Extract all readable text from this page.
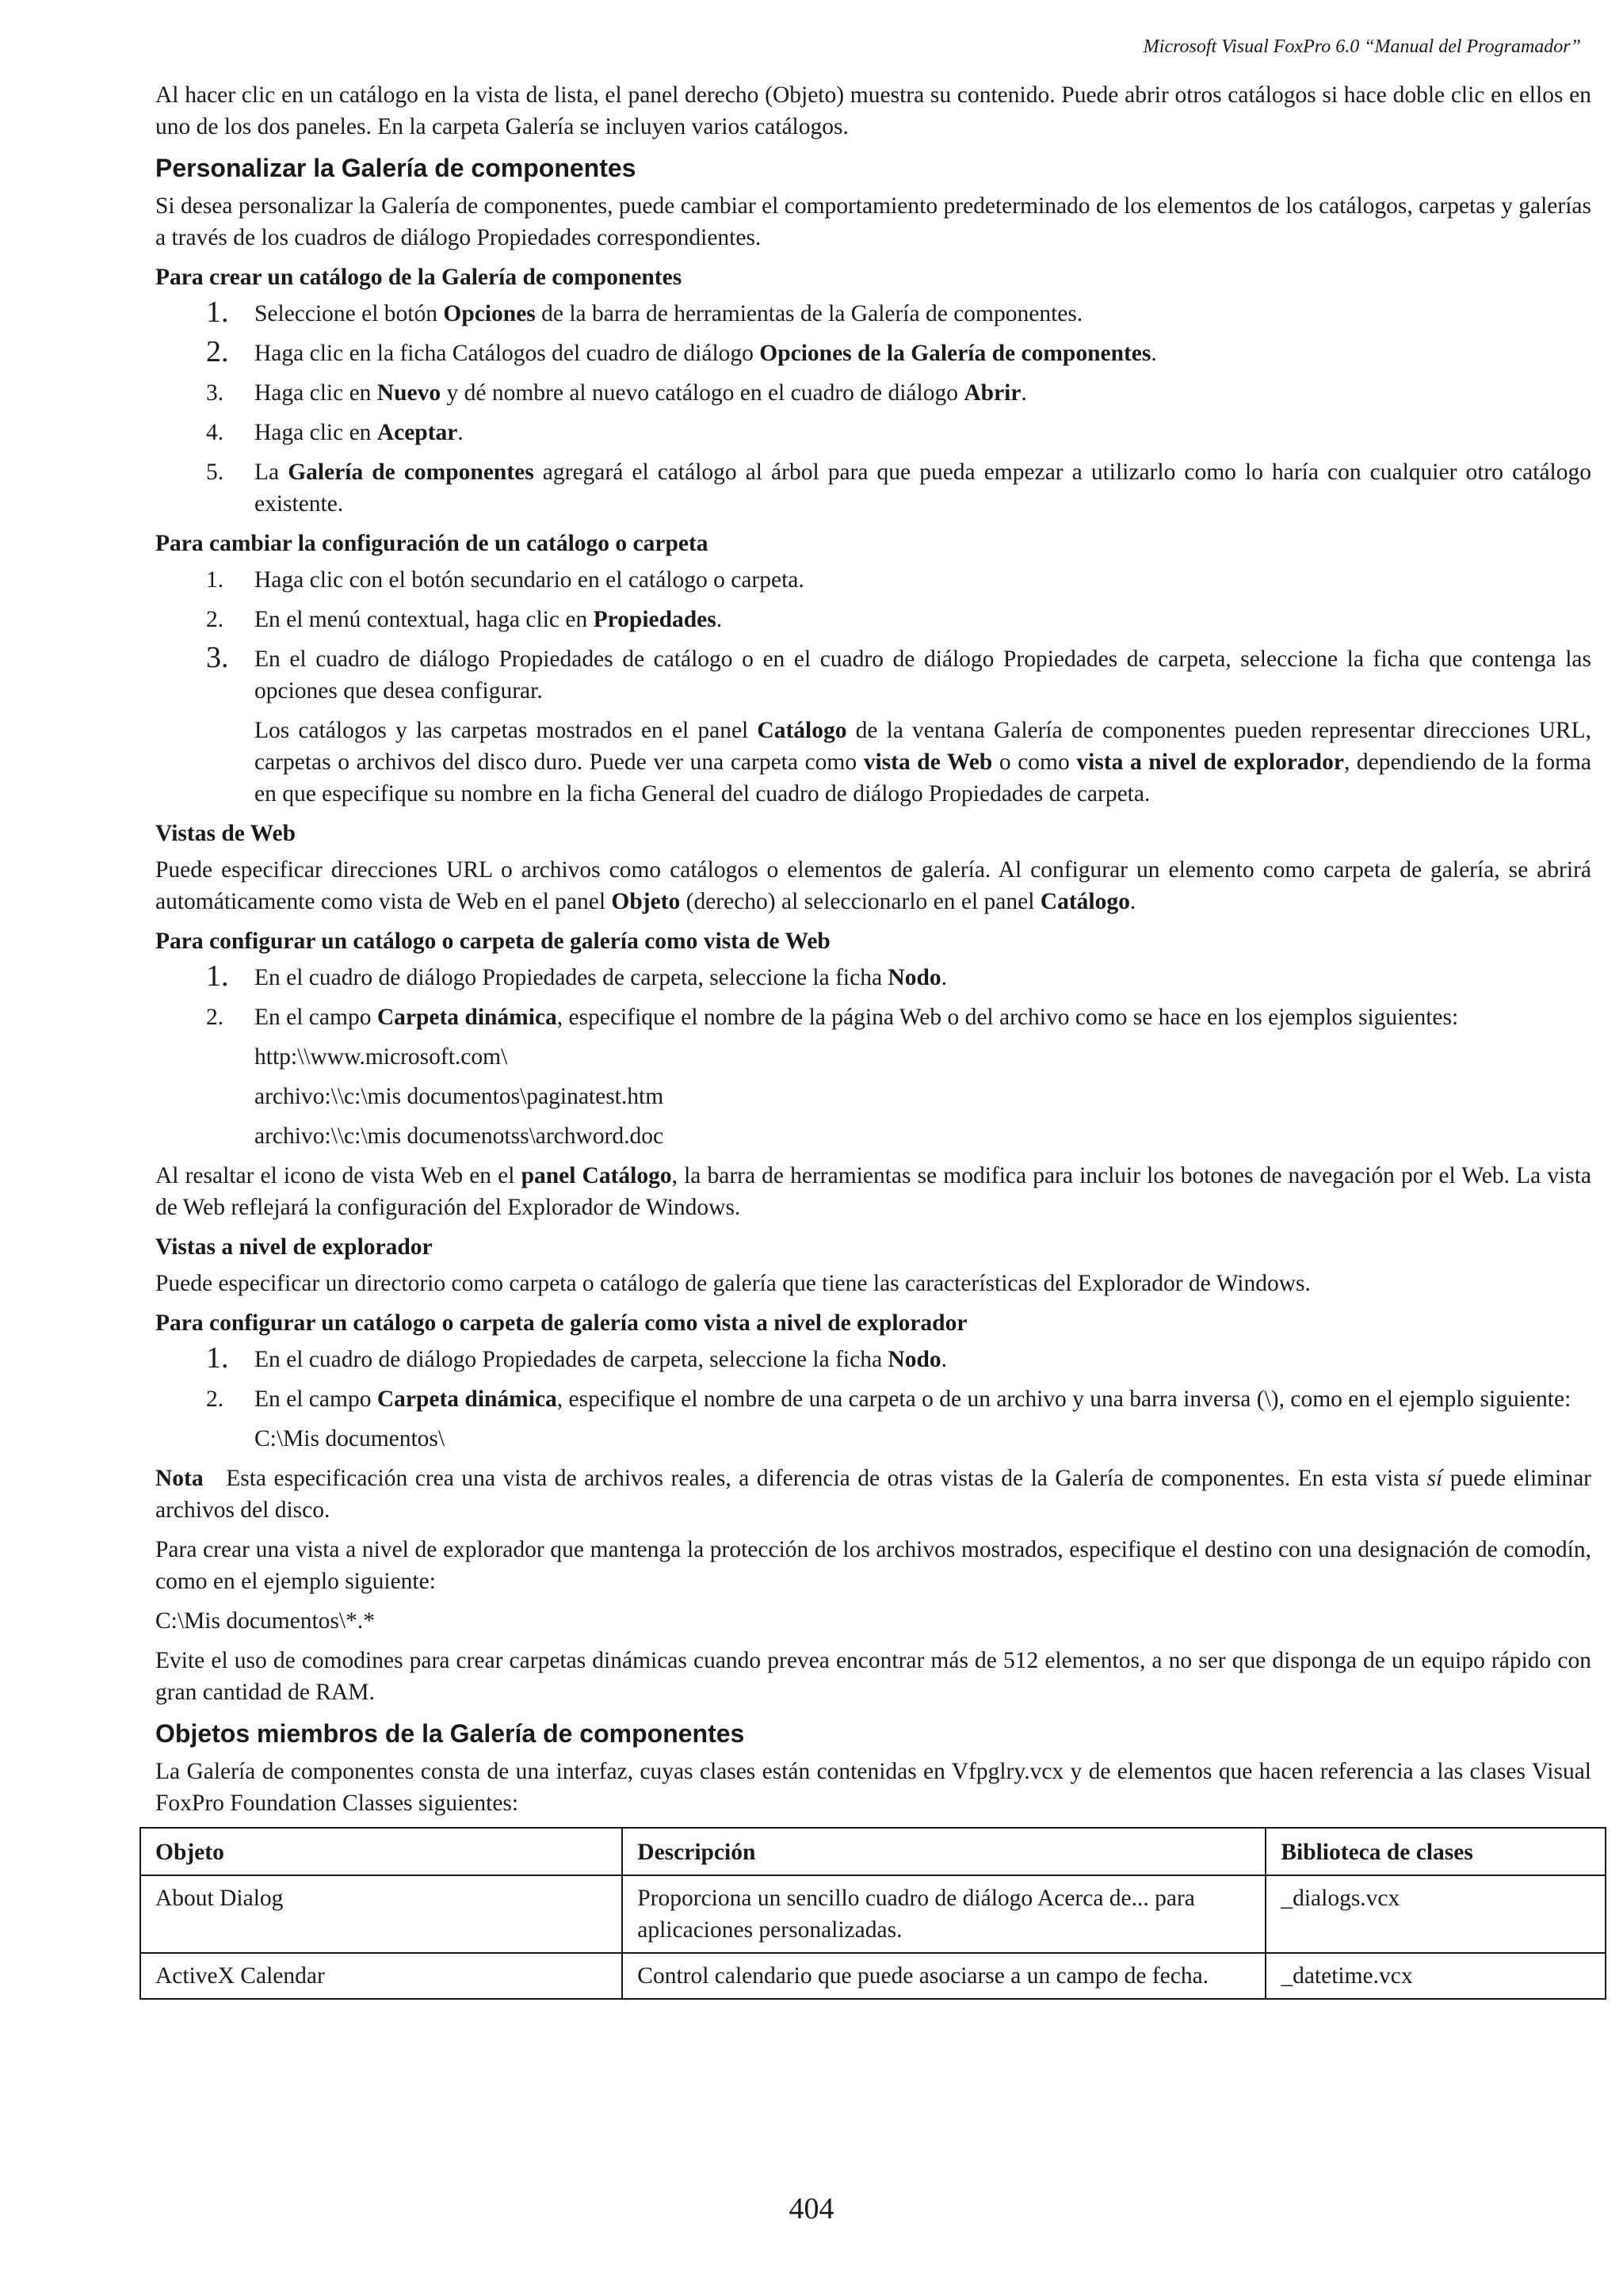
Microsoft Visual FoxPro 6.0 “Manual del Programador”

Al hacer clic en un catálogo en la vista de lista, el panel derecho (Objeto) muestra su contenido. Puede abrir otros catálogos si hace doble clic en ellos en uno de los dos paneles. En la carpeta Galería se incluyen varios catálogos.

Personalizar la Galería de componentes

Si desea personalizar la Galería de componentes, puede cambiar el comportamiento predeterminado de los elementos de los catálogos, carpetas y galerías a través de los cuadros de diálogo Propiedades correspondientes.

Para crear un catálogo de la Galería de componentes
1.	Seleccione el botón Opciones de la barra de herramientas de la Galería de componentes.
2.	Haga clic en la ficha Catálogos del cuadro de diálogo Opciones de la Galería de componentes.
3.	Haga clic en Nuevo y dé nombre al nuevo catálogo en el cuadro de diálogo Abrir.
4.	Haga clic en Aceptar.
5.	La Galería de componentes agregará el catálogo al árbol para que pueda empezar a utilizarlo como lo haría con cualquier otro catálogo existente.
Para cambiar la configuración de un catálogo o carpeta
1.	Haga clic con el botón secundario en el catálogo o carpeta.
2.	En el menú contextual, haga clic en Propiedades.
3.	En el cuadro de diálogo Propiedades de catálogo o en el cuadro de diálogo Propiedades de carpeta, seleccione la ficha que contenga las opciones que desea configurar.

Los catálogos y las carpetas mostrados en el panel Catálogo de la ventana Galería de componentes pueden representar direcciones URL, carpetas o archivos del disco duro. Puede ver una carpeta como vista de Web o como vista a nivel de explorador, dependiendo de la forma en que especifique su nombre en la ficha General del cuadro de diálogo Propiedades de carpeta.

Vistas de Web

Puede especificar direcciones URL o archivos como catálogos o elementos de galería. Al configurar un elemento como carpeta de galería, se abrirá automáticamente como vista de Web en el panel Objeto (derecho) al seleccionarlo en el panel Catálogo.

Para configurar un catálogo o carpeta de galería como vista de Web
1.	En el cuadro de diálogo Propiedades de carpeta, seleccione la ficha Nodo.
2.	En el campo Carpeta dinámica, especifique el nombre de la página Web o del archivo como se hace en los ejemplos siguientes:

http:\\www.microsoft.com\

archivo:\\c:\mis documentos\paginatest.htm

archivo:\\c:\mis documenotss\archword.doc

Al resaltar el icono de vista Web en el panel Catálogo, la barra de herramientas se modifica para incluir los botones de navegación por el Web. La vista de Web reflejará la configuración del Explorador de Windows.

Vistas a nivel de explorador

Puede especificar un directorio como carpeta o catálogo de galería que tiene las características del Explorador de Windows.

Para configurar un catálogo o carpeta de galería como vista a nivel de explorador
1.	En el cuadro de diálogo Propiedades de carpeta, seleccione la ficha Nodo.
2.	En el campo Carpeta dinámica, especifique el nombre de una carpeta o de un archivo y una barra inversa (\), como en el ejemplo siguiente:

C:\Mis documentos\

Nota   Esta especificación crea una vista de archivos reales, a diferencia de otras vistas de la Galería de componentes. En esta vista sí puede eliminar archivos del disco.

Para crear una vista a nivel de explorador que mantenga la protección de los archivos mostrados, especifique el destino con una designación de comodín, como en el ejemplo siguiente:

C:\Mis documentos\*.*

Evite el uso de comodines para crear carpetas dinámicas cuando prevea encontrar más de 512 elementos, a no ser que disponga de un equipo rápido con gran cantidad de RAM.

Objetos miembros de la Galería de componentes

La Galería de componentes consta de una interfaz, cuyas clases están contenidas en Vfpglry.vcx y de elementos que hacen referencia a las clases Visual FoxPro Foundation Classes siguientes:

Objeto	Descripción	Biblioteca de clases
About Dialog	Proporciona un sencillo cuadro de diálogo Acerca de... para aplicaciones personalizadas.	_dialogs.vcx
ActiveX Calendar	Control calendario que puede asociarse a un campo de fecha.	_datetime.vcx
404
